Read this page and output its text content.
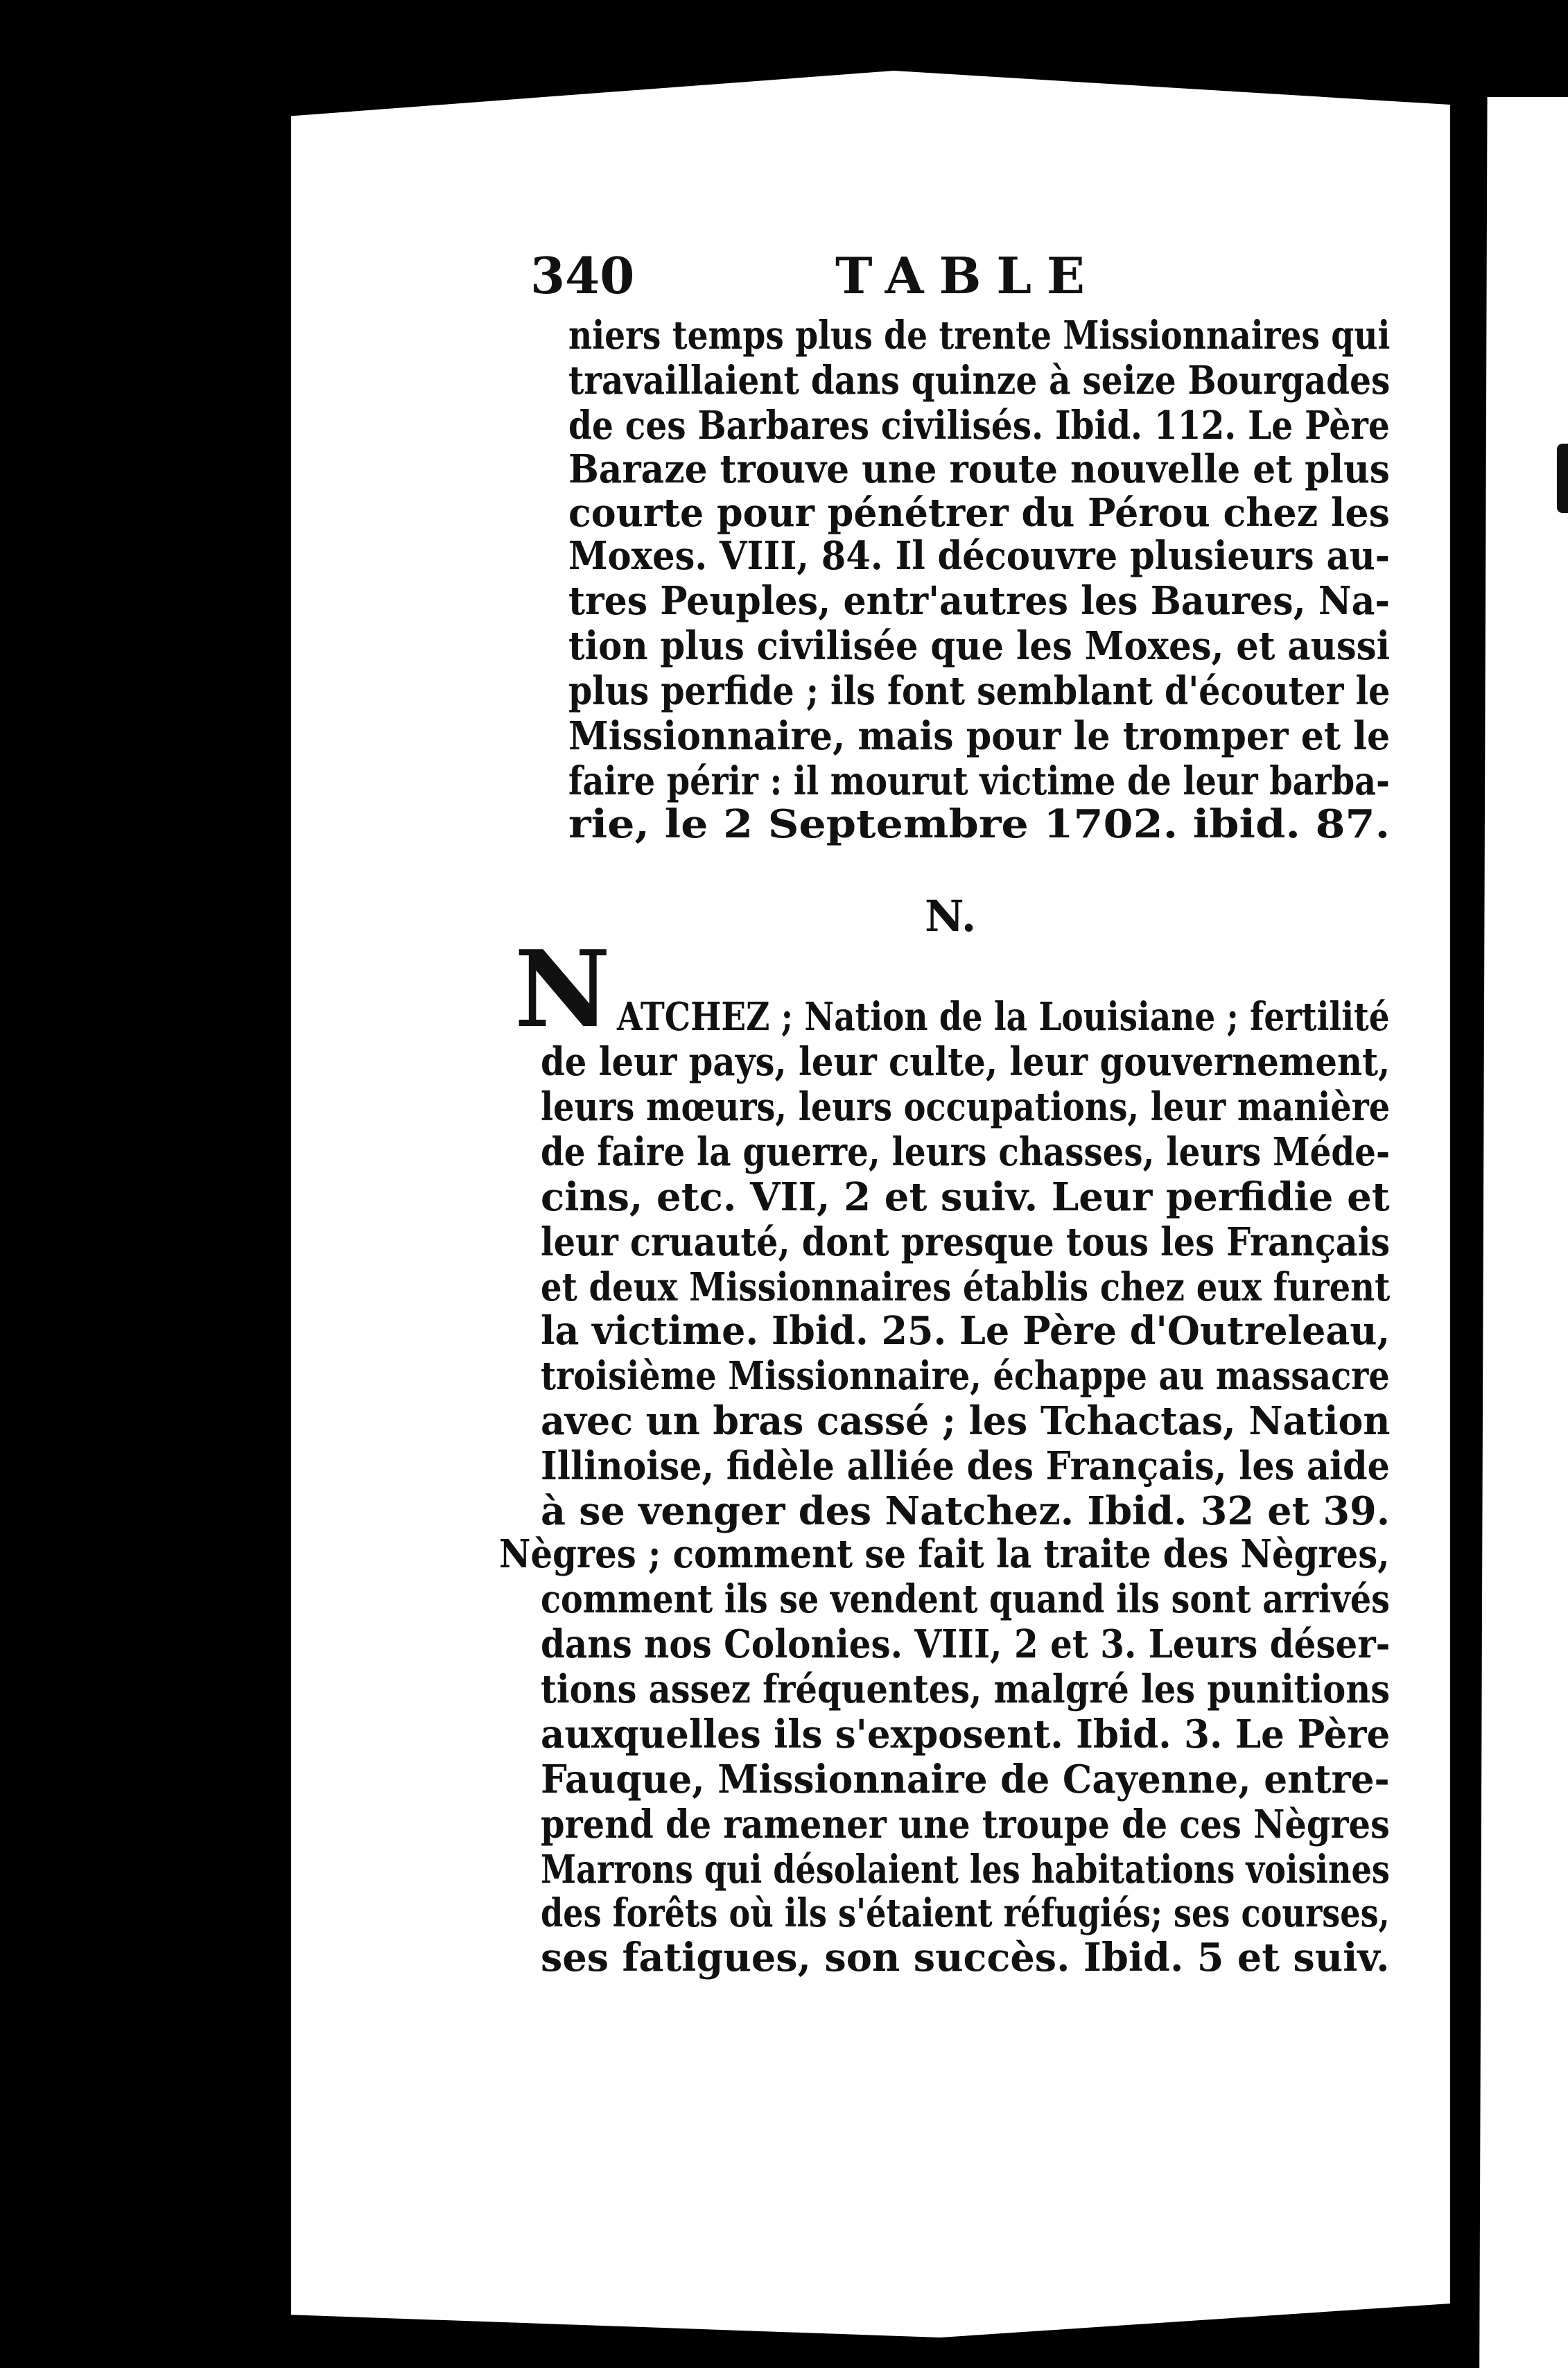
340	TABLE
niers temps plus de trente Missionnaires qui
travaillaient dans quinze à seize Bourgades
de ces Barbares civilisés. Ibid. 112. Le Père
Baraze trouve une route nouvelle et plus
courte pour pénétrer du Pérou chez les
Moxes. VIII, 84. Il découvre plusieurs au-
tres Peuples, entr'autres les Baures, Na-
tion plus civilisée que les Moxes, et aussi
plus perfide ; ils font semblant d'écouter le
Missionnaire, mais pour le tromper et le
faire périr : il mourut victime de leur barba-
rie, le 2 Septembre 1702. ibid. 87.
N.
N ATCHEZ ; Nation de la Louisiane ; fertilité
de leur pays, leur culte, leur gouvernement,
leurs mœurs, leurs occupations, leur manière
de faire la guerre, leurs chasses, leurs Méde-
cins, etc. VII, 2 et suiv. Leur perfidie et
leur cruauté, dont presque tous les Français
et deux Missionnaires établis chez eux furent
la victime. Ibid. 25. Le Père d'Outreleau,
troisième Missionnaire, échappe au massacre
avec un bras cassé ; les Tchactas, Nation
Illinoise, fidèle alliée des Français, les aide
à se venger des Natchez. Ibid. 32 et 39.
Nègres ; comment se fait la traite des Nègres,
comment ils se vendent quand ils sont arrivés
dans nos Colonies. VIII, 2 et 3. Leurs déser-
tions assez fréquentes, malgré les punitions
auxquelles ils s'exposent. Ibid. 3. Le Père
Fauque, Missionnaire de Cayenne, entre-
prend de ramener une troupe de ces Nègres
Marrons qui désolaient les habitations voisines
des forêts où ils s'étaient réfugiés; ses courses,
ses fatigues, son succès. Ibid. 5 et suiv.
